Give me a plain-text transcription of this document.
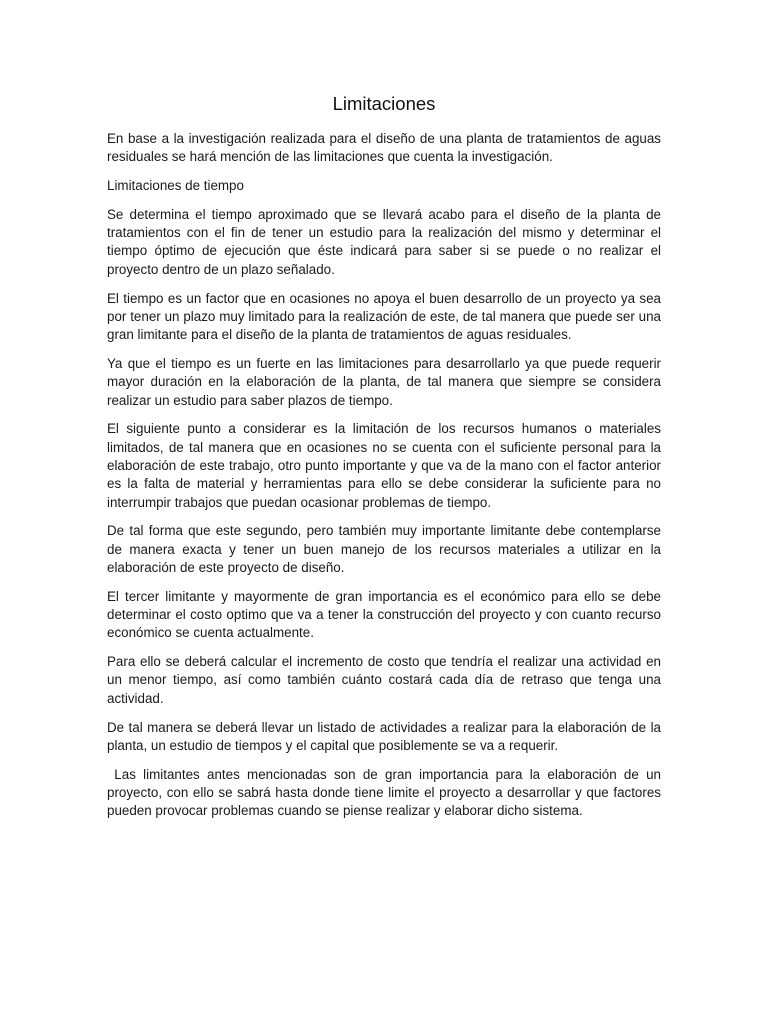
Limitaciones

En base a la investigación realizada para el diseño de una planta de tratamientos de aguas residuales se hará mención de las limitaciones que cuenta la investigación.

Limitaciones de tiempo

Se determina el tiempo aproximado que se llevará acabo para el diseño de la planta de tratamientos con el fin de tener un estudio para la realización del mismo y determinar el tiempo óptimo de ejecución que éste indicará para saber si se puede o no realizar el proyecto dentro de un plazo señalado.

El tiempo es un factor que en ocasiones no apoya el buen desarrollo de un proyecto ya sea por tener un plazo muy limitado para la realización de este, de tal manera que puede ser una gran limitante para el diseño de la planta de tratamientos de aguas residuales.

Ya que el tiempo es un fuerte en las limitaciones para desarrollarlo ya que puede requerir mayor duración en la elaboración de la planta, de tal manera que siempre se considera realizar un estudio para saber plazos de tiempo.

El siguiente punto a considerar es la limitación de los recursos humanos o materiales limitados, de tal manera que en ocasiones no se cuenta con el suficiente personal para la elaboración de este trabajo, otro punto importante y que va de la mano con el factor anterior es la falta de material y herramientas para ello se debe considerar la suficiente para no interrumpir trabajos que puedan ocasionar problemas de tiempo.

De tal forma que este segundo, pero también muy importante limitante debe contemplarse de manera exacta y tener un buen manejo de los recursos materiales a utilizar en la elaboración de este proyecto de diseño.

El tercer limitante y mayormente de gran importancia es el económico para ello se debe determinar el costo optimo que va a tener la construcción del proyecto y con cuanto recurso económico se cuenta actualmente.

Para ello se deberá calcular el incremento de costo que tendría el realizar una actividad en un menor tiempo, así como también cuánto costará cada día de retraso que tenga una actividad.

De tal manera se deberá llevar un listado de actividades a realizar para la elaboración de la planta, un estudio de tiempos y el capital que posiblemente se va a requerir.

Las limitantes antes mencionadas son de gran importancia para la elaboración de un proyecto, con ello se sabrá hasta donde tiene limite el proyecto a desarrollar y que factores pueden provocar problemas cuando se piense realizar y elaborar dicho sistema.
